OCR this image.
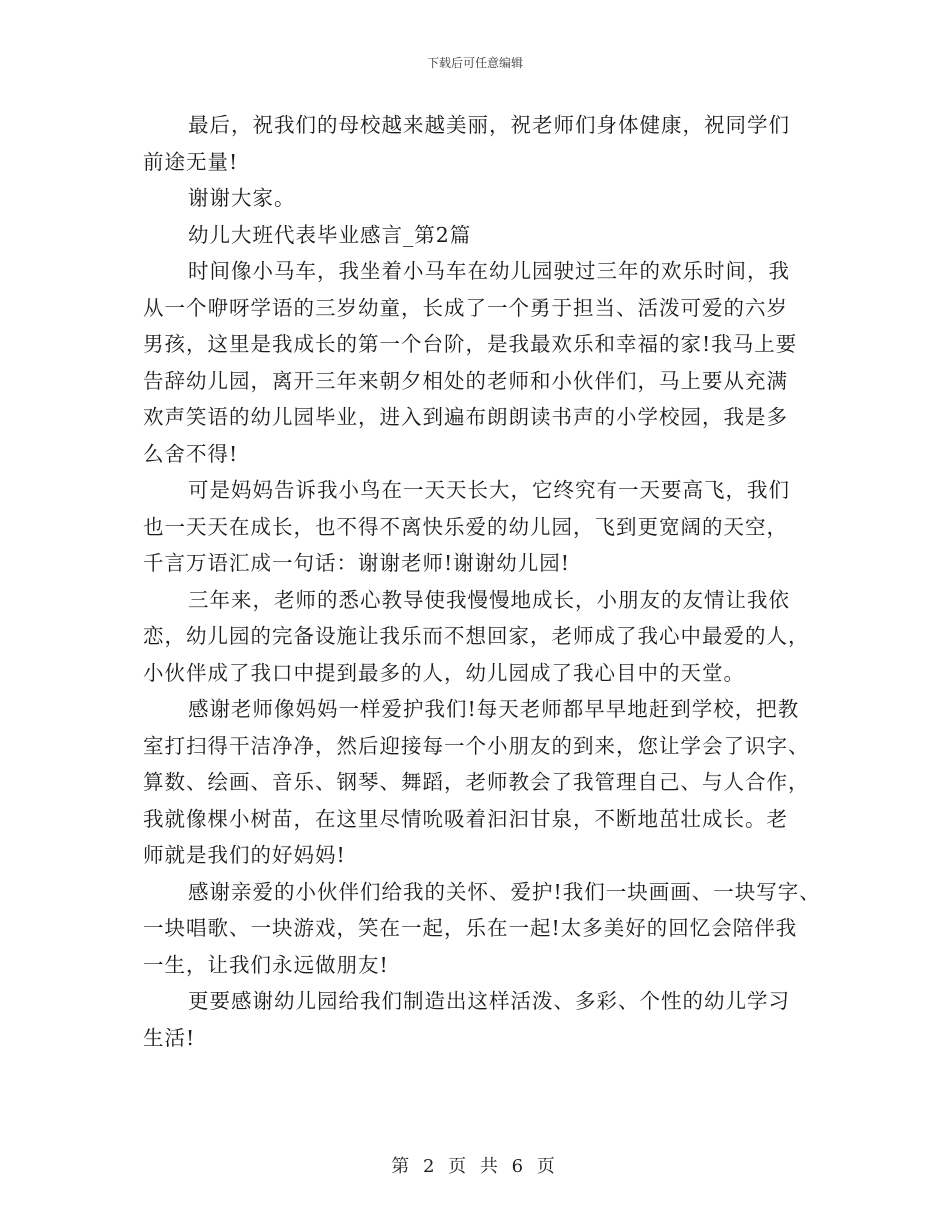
下载后可任意编辑
最后，祝我们的母校越来越美丽，祝老师们身体健康，祝同学们
前途无量!
谢谢大家。
幼儿大班代表毕业感言_第2篇
时间像小马车，我坐着小马车在幼儿园驶过三年的欢乐时间，我
从一个咿呀学语的三岁幼童，长成了一个勇于担当、活泼可爱的六岁
男孩，这里是我成长的第一个台阶，是我最欢乐和幸福的家!我马上要
告辞幼儿园，离开三年来朝夕相处的老师和小伙伴们，马上要从充满
欢声笑语的幼儿园毕业，进入到遍布朗朗读书声的小学校园，我是多
么舍不得!
可是妈妈告诉我小鸟在一天天长大，它终究有一天要高飞，我们
也一天天在成长，也不得不离快乐爱的幼儿园，飞到更宽阔的天空，
千言万语汇成一句话：谢谢老师!谢谢幼儿园!
三年来，老师的悉心教导使我慢慢地成长，小朋友的友情让我依
恋，幼儿园的完备设施让我乐而不想回家，老师成了我心中最爱的人，
小伙伴成了我口中提到最多的人，幼儿园成了我心目中的天堂。
感谢老师像妈妈一样爱护我们!每天老师都早早地赶到学校，把教
室打扫得干洁净净，然后迎接每一个小朋友的到来，您让学会了识字、
算数、绘画、音乐、钢琴、舞蹈，老师教会了我管理自己、与人合作，
我就像棵小树苗，在这里尽情吮吸着汩汩甘泉，不断地茁壮成长。老
师就是我们的好妈妈!
感谢亲爱的小伙伴们给我的关怀、爱护!我们一块画画、一块写字、
一块唱歌、一块游戏，笑在一起，乐在一起!太多美好的回忆会陪伴我
一生，让我们永远做朋友!
更要感谢幼儿园给我们制造出这样活泼、多彩、个性的幼儿学习
生活!
第 2 页 共 6 页
